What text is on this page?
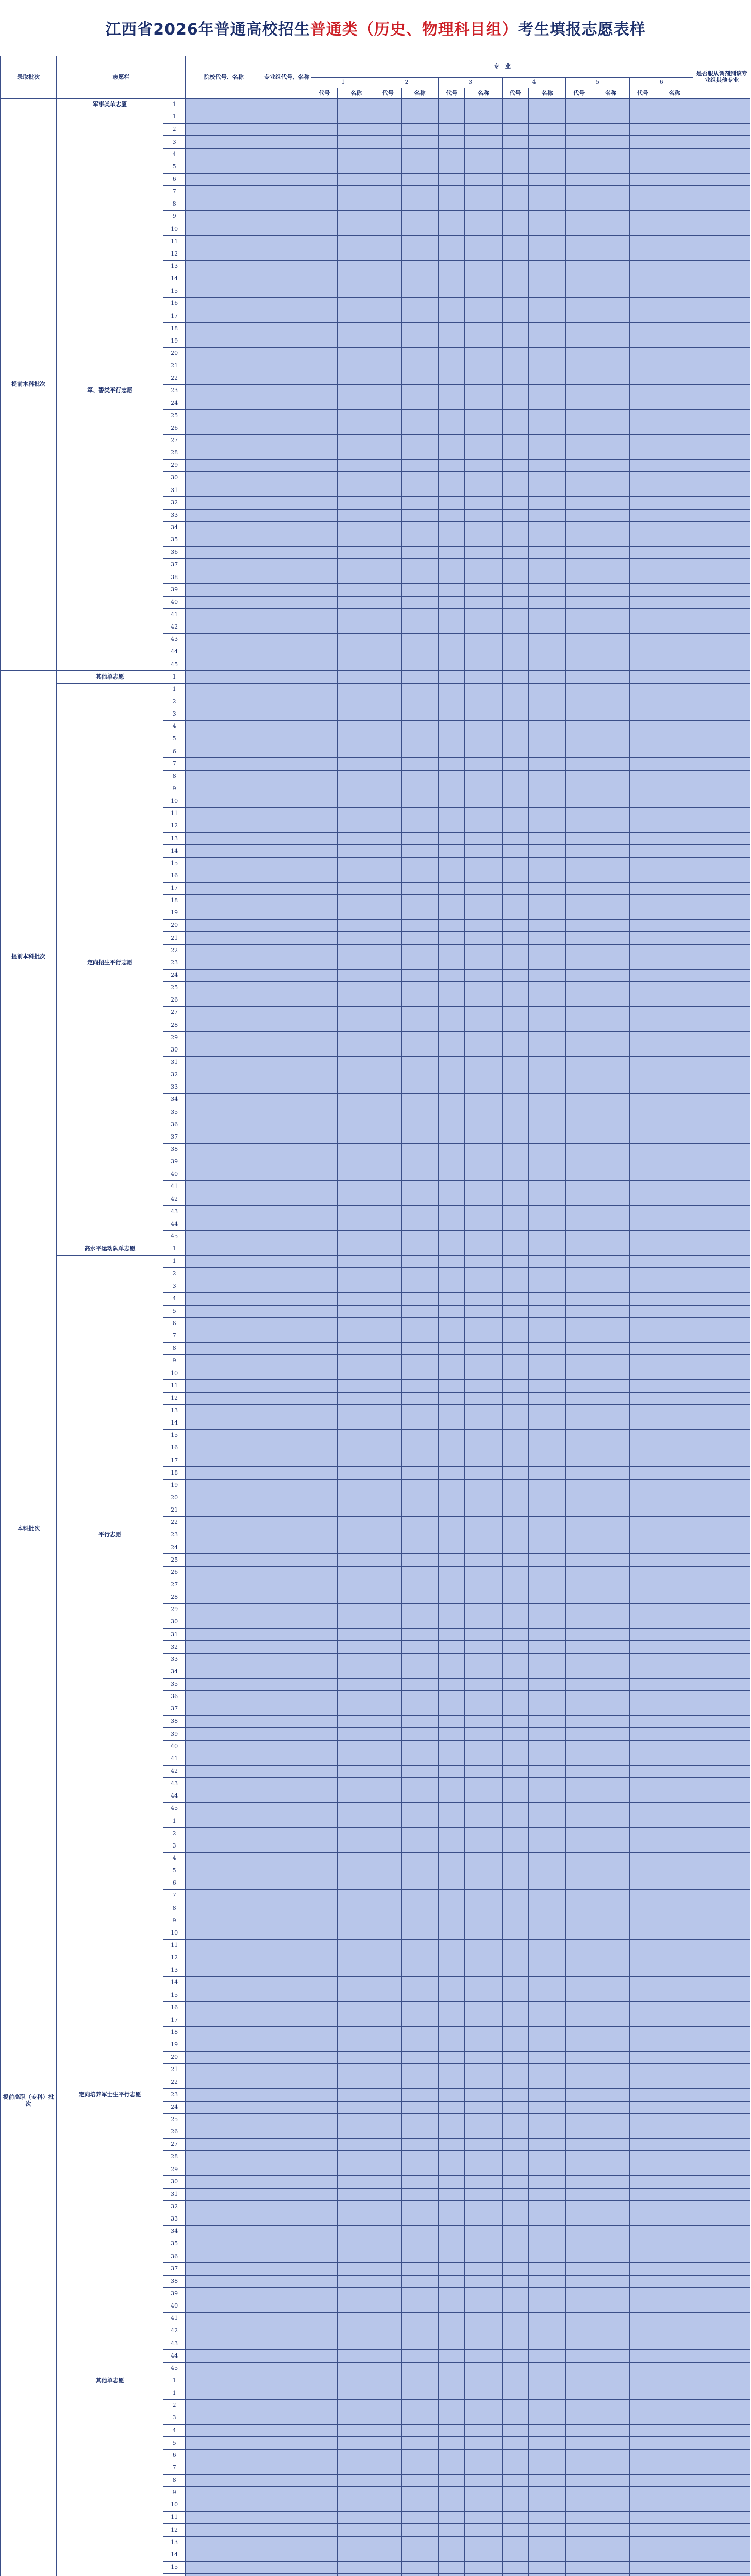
江西省2026年普通高校招生 普通类（历史、物理科目组） 考生填报志愿表样
录取批次	志愿栏		院校代号、名称	专业组代号、名称	专　业												是否服从调剂到该专业组其他专业
					1		2		3		4		5		6		
					代号	名称	代号	名称	代号	名称	代号	名称	代号	名称	代号	名称	
提前本科批次	军事类单志愿	1															
	军、警类平行志愿	1															
		2															
		3															
		4															
		5															
		6															
		7															
		8															
		9															
		10															
		11															
		12															
		13															
		14															
		15															
		16															
		17															
		18															
		19															
		20															
		21															
		22															
		23															
		24															
		25															
		26															
		27															
		28															
		29															
		30															
		31															
		32															
		33															
		34															
		35															
		36															
		37															
		38															
		39															
		40															
		41															
		42															
		43															
		44															
		45															
提前本科批次	其他单志愿	1															
	定向招生平行志愿	1															
		2															
		3															
		4															
		5															
		6															
		7															
		8															
		9															
		10															
		11															
		12															
		13															
		14															
		15															
		16															
		17															
		18															
		19															
		20															
		21															
		22															
		23															
		24															
		25															
		26															
		27															
		28															
		29															
		30															
		31															
		32															
		33															
		34															
		35															
		36															
		37															
		38															
		39															
		40															
		41															
		42															
		43															
		44															
		45															
本科批次	高水平运动队单志愿	1															
	平行志愿	1															
		2															
		3															
		4															
		5															
		6															
		7															
		8															
		9															
		10															
		11															
		12															
		13															
		14															
		15															
		16															
		17															
		18															
		19															
		20															
		21															
		22															
		23															
		24															
		25															
		26															
		27															
		28															
		29															
		30															
		31															
		32															
		33															
		34															
		35															
		36															
		37															
		38															
		39															
		40															
		41															
		42															
		43															
		44															
		45															
提前高职（专科）批次	定向培养军士生平行志愿	1															
		2															
		3															
		4															
		5															
		6															
		7															
		8															
		9															
		10															
		11															
		12															
		13															
		14															
		15															
		16															
		17															
		18															
		19															
		20															
		21															
		22															
		23															
		24															
		25															
		26															
		27															
		28															
		29															
		30															
		31															
		32															
		33															
		34															
		35															
		36															
		37															
		38															
		39															
		40															
		41															
		42															
		43															
		44															
		45															
	其他单志愿	1															
		1															
		2															
		3															
		4															
		5															
		6															
		7															
		8															
		9															
		10															
		11															
		12															
		13															
		14															
		15															
